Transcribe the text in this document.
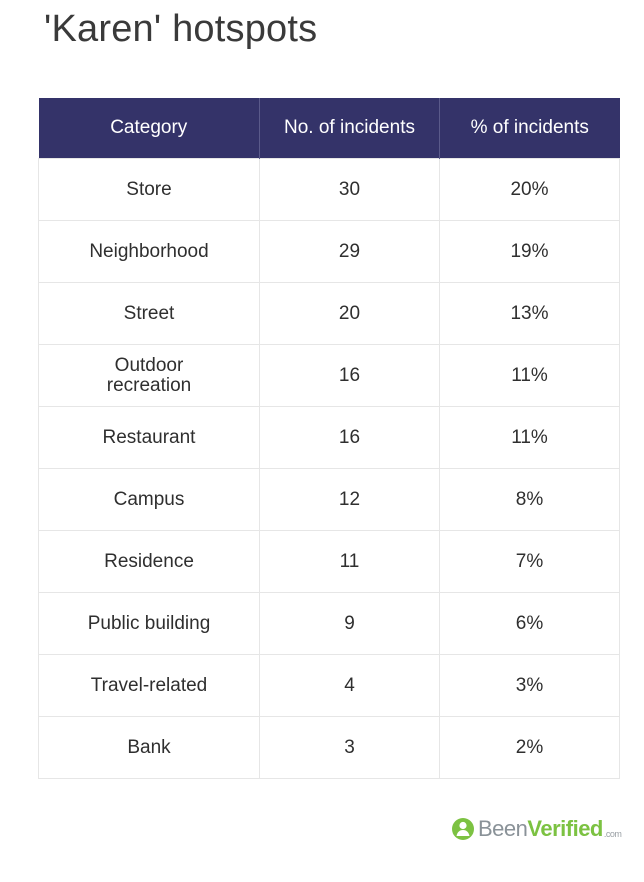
'Karen' hotspots
Category	No. of incidents	% of incidents
Store	30	20%
Neighborhood	29	19%
Street	20	13%
Outdoor recreation	16	11%
Restaurant	16	11%
Campus	12	8%
Residence	11	7%
Public building	9	6%
Travel-related	4	3%
Bank	3	2%
Been Verified .com
